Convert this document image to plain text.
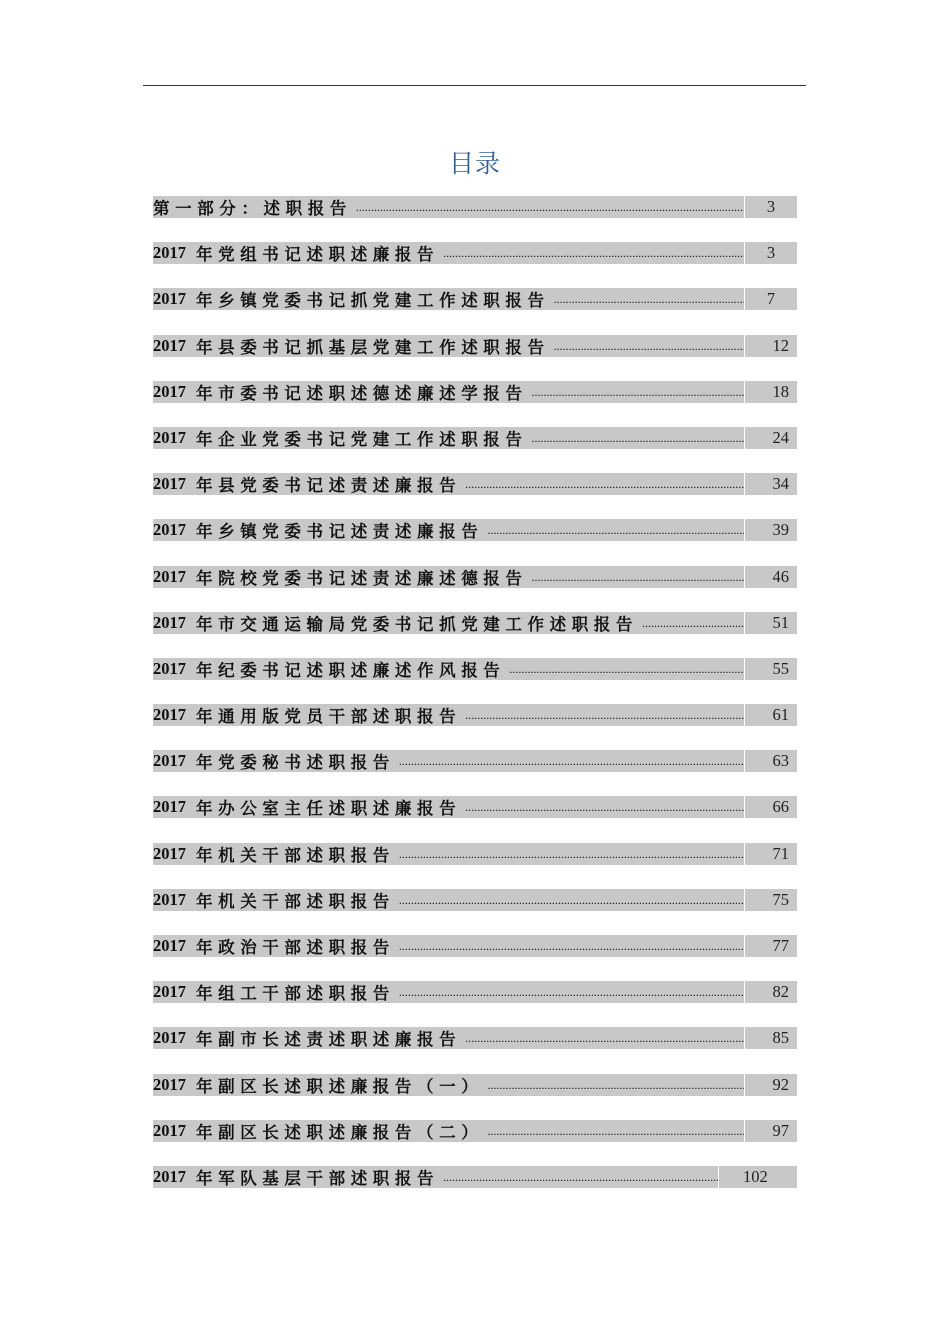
目录
第一部分：述职报告 .....	3
2017 年党组书记述职述廉报告 .....	3
2017 年乡镇党委书记抓党建工作述职报告 .....	7
2017 年县委书记抓基层党建工作述职报告 .....	12
2017 年市委书记述职述德述廉述学报告 .....	18
2017 年企业党委书记党建工作述职报告 .....	24
2017 年县党委书记述责述廉报告 .....	34
2017 年乡镇党委书记述责述廉报告 .....	39
2017 年院校党委书记述责述廉述德报告 .....	46
2017 年市交通运输局党委书记抓党建工作述职报告 .....	51
2017 年纪委书记述职述廉述作风报告 .....	55
2017 年通用版党员干部述职报告 .....	61
2017 年党委秘书述职报告 .....	63
2017 年办公室主任述职述廉报告 .....	66
2017 年机关干部述职报告 .....	71
2017 年机关干部述职报告 .....	75
2017 年政治干部述职报告 .....	77
2017 年组工干部述职报告 .....	82
2017 年副市长述责述职述廉报告 .....	85
2017 年副区长述职述廉报告（一） .....	92
2017 年副区长述职述廉报告（二） .....	97
2017 年军队基层干部述职报告 .....	102
